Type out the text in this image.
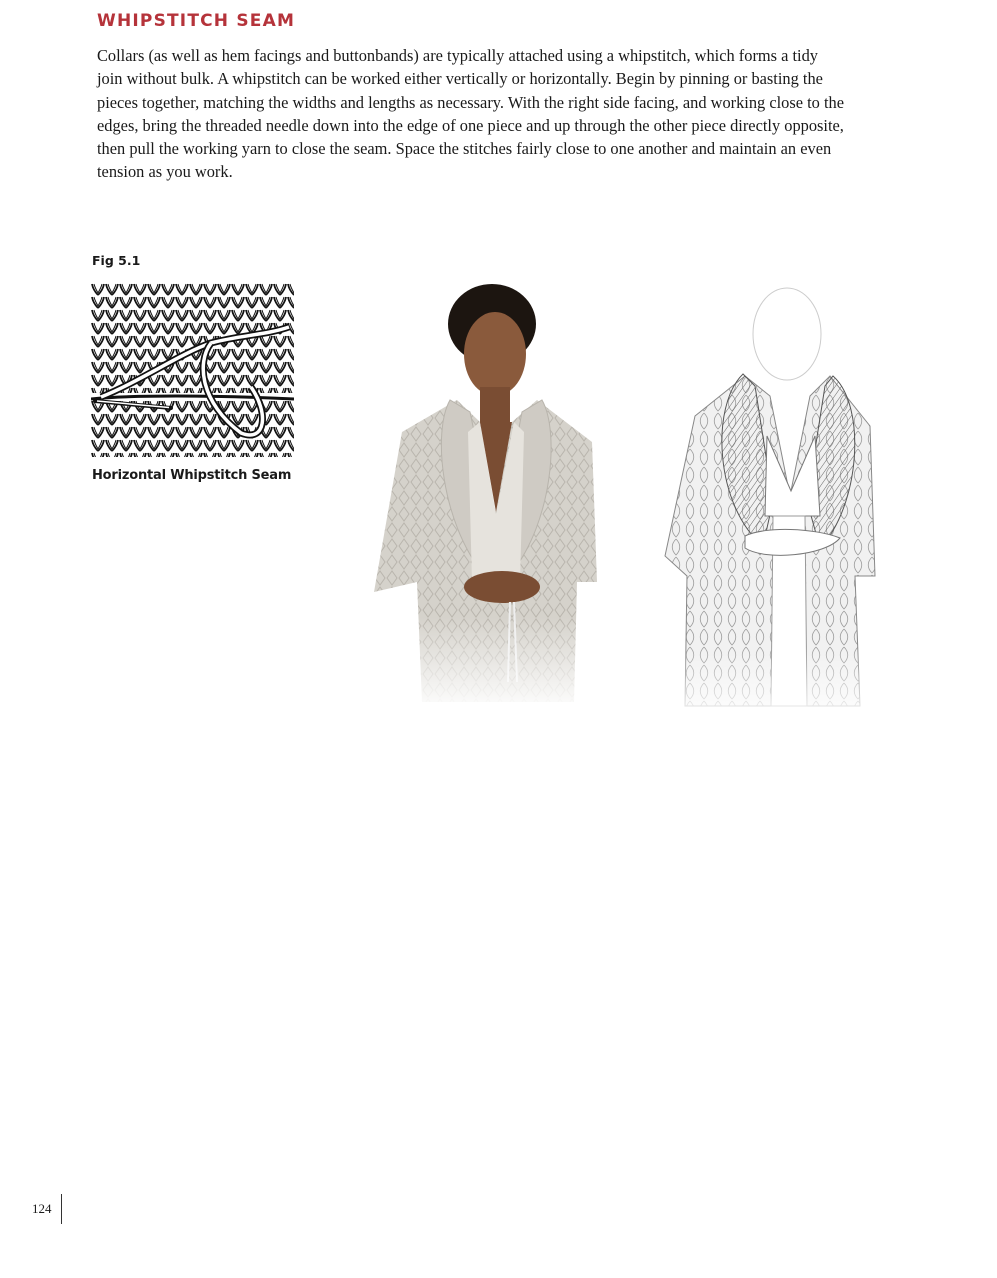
WHIPSTITCH SEAM

Collars (as well as hem facings and buttonbands) are typically attached using a whipstitch, which forms a tidy join without bulk. A whipstitch can be worked either vertically or horizontally. Begin by pinning or basting the pieces together, matching the widths and lengths as necessary. With the right side facing, and working close to the edges, bring the threaded needle down into the edge of one piece and up through the other piece directly opposite, then pull the working yarn to close the seam. Space the stitches fairly close to one another and maintain an even tension as you work.

Fig 5.1

Horizontal Whipstitch Seam

124
